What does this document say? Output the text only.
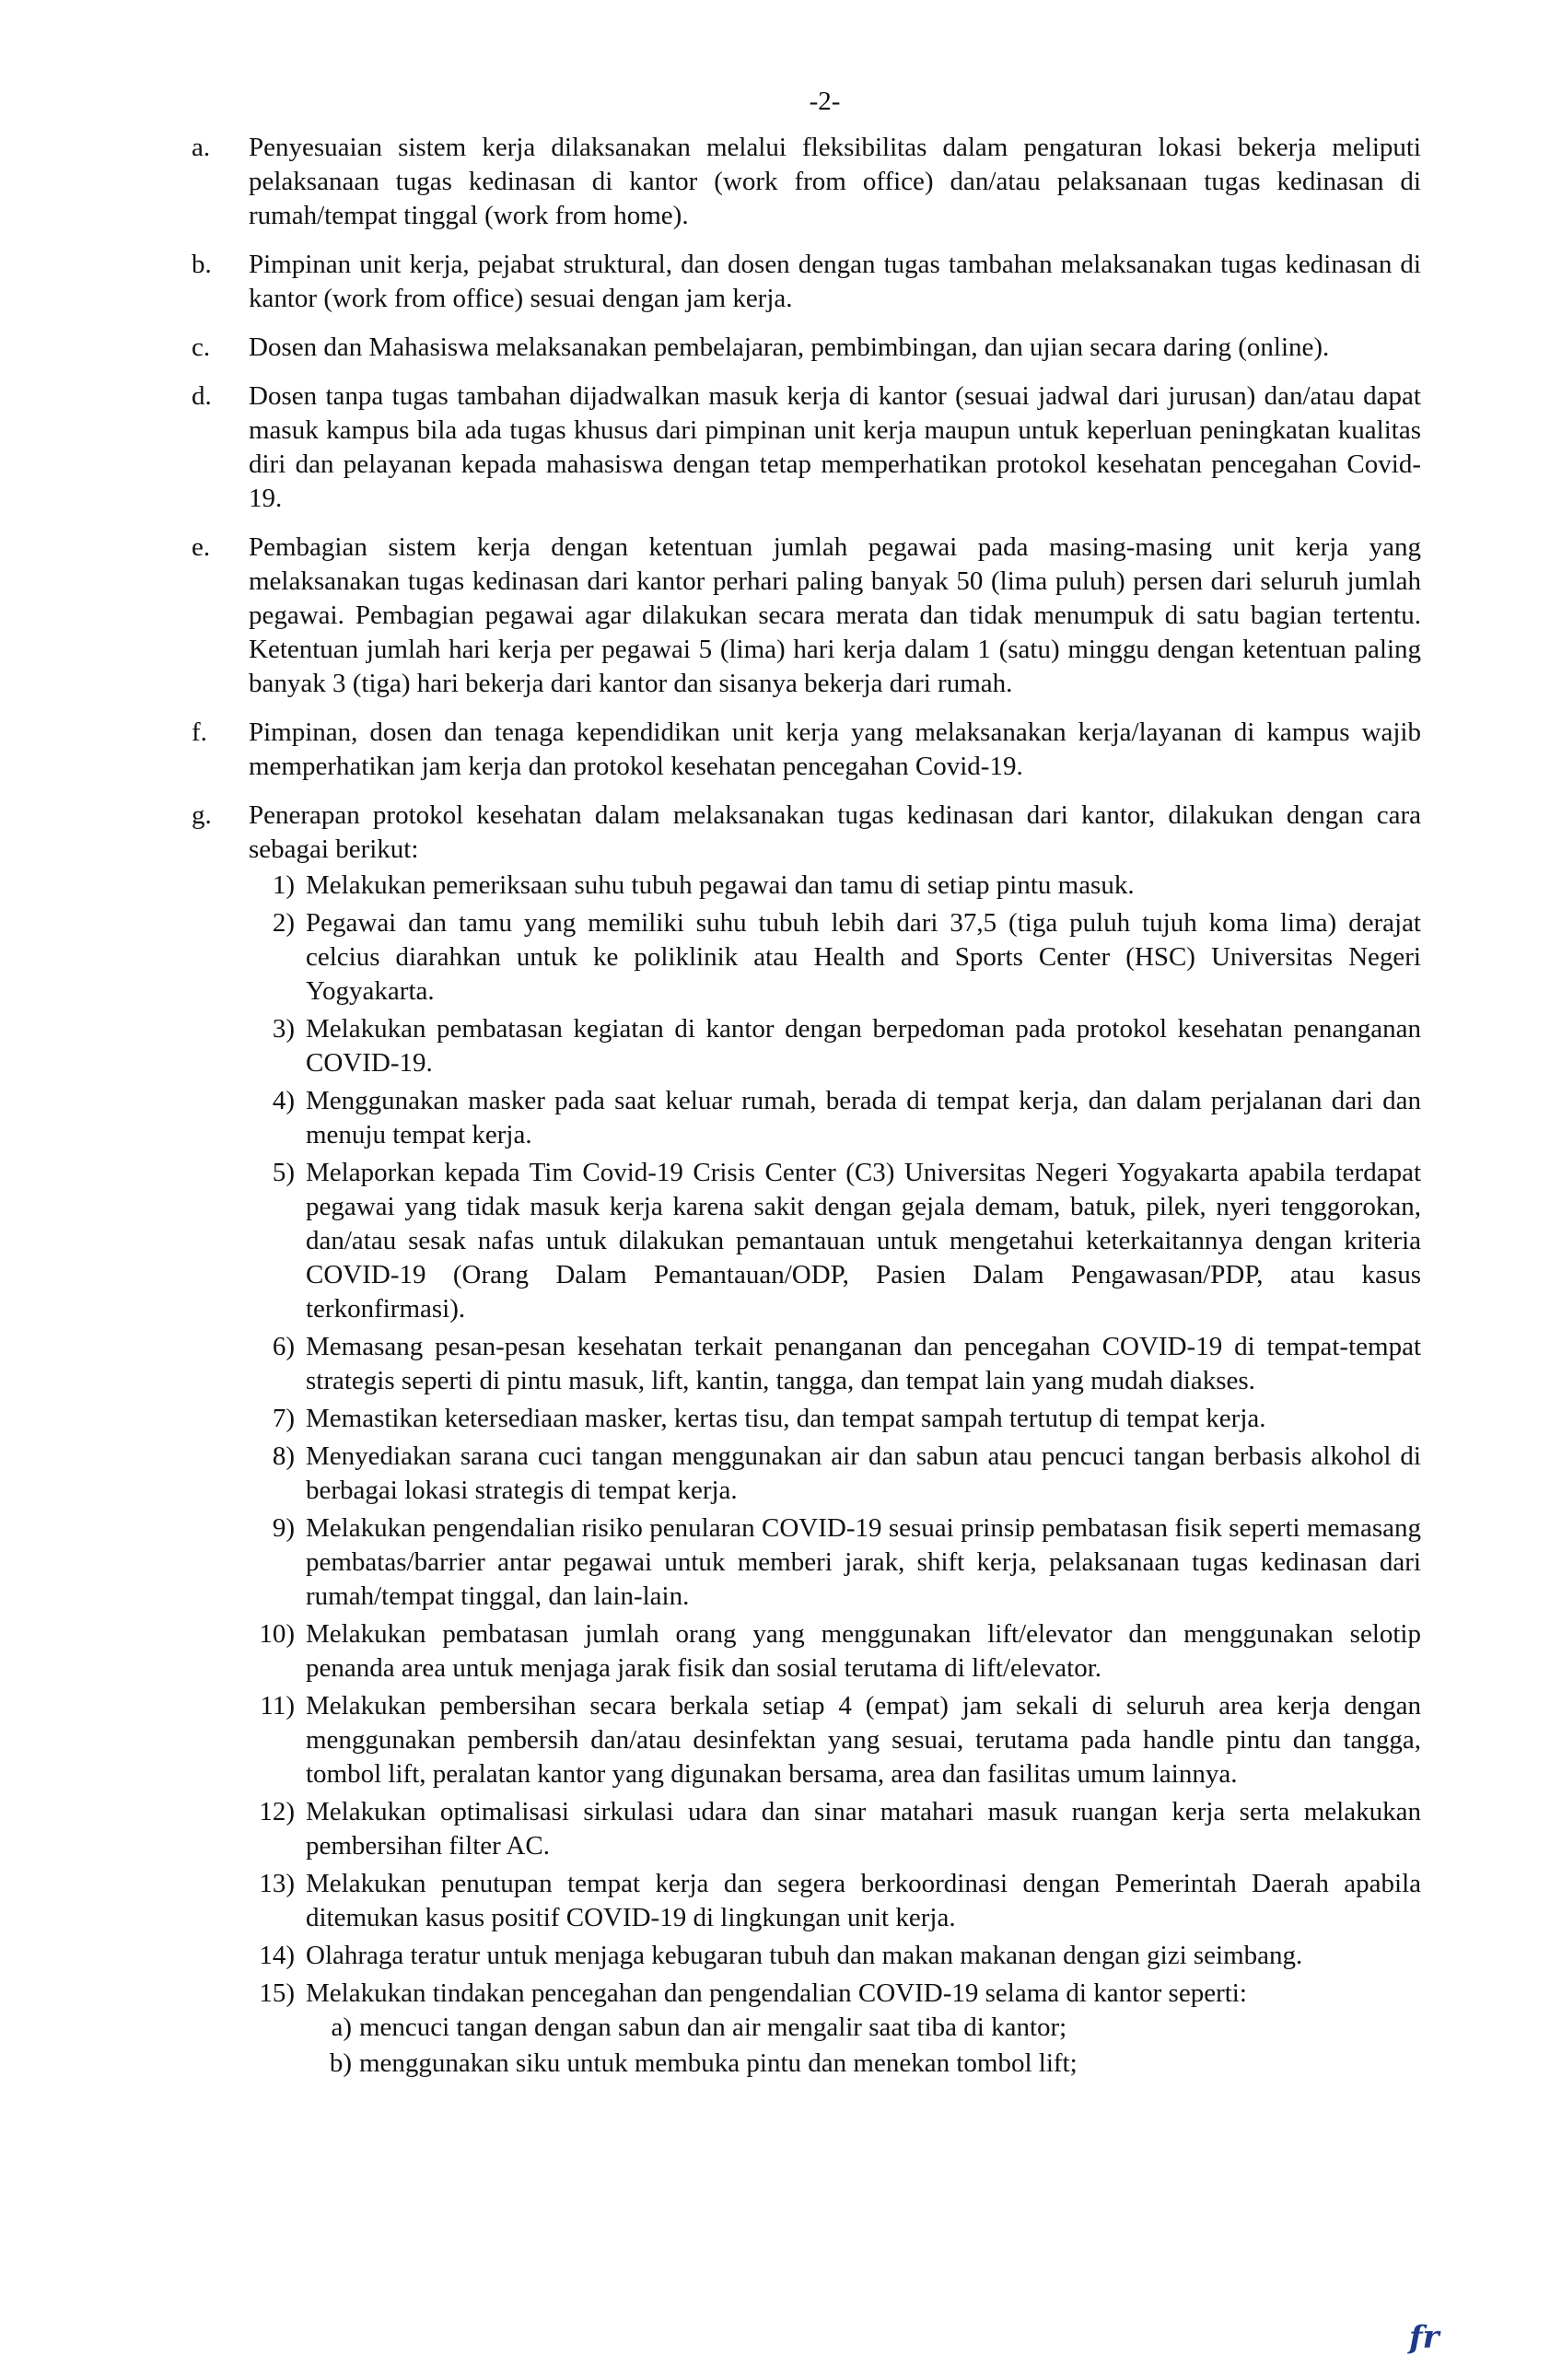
-2-
a. Penyesuaian sistem kerja dilaksanakan melalui fleksibilitas dalam pengaturan lokasi bekerja meliputi pelaksanaan tugas kedinasan di kantor (work from office) dan/atau pelaksanaan tugas kedinasan di rumah/tempat tinggal (work from home).
b. Pimpinan unit kerja, pejabat struktural, dan dosen dengan tugas tambahan melaksanakan tugas kedinasan di kantor (work from office) sesuai dengan jam kerja.
c. Dosen dan Mahasiswa melaksanakan pembelajaran, pembimbingan, dan ujian secara daring (online).
d. Dosen tanpa tugas tambahan dijadwalkan masuk kerja di kantor (sesuai jadwal dari jurusan) dan/atau dapat masuk kampus bila ada tugas khusus dari pimpinan unit kerja maupun untuk keperluan peningkatan kualitas diri dan pelayanan kepada mahasiswa dengan tetap memperhatikan protokol kesehatan pencegahan Covid-19.
e. Pembagian sistem kerja dengan ketentuan jumlah pegawai pada masing-masing unit kerja yang melaksanakan tugas kedinasan dari kantor perhari paling banyak 50 (lima puluh) persen dari seluruh jumlah pegawai. Pembagian pegawai agar dilakukan secara merata dan tidak menumpuk di satu bagian tertentu. Ketentuan jumlah hari kerja per pegawai 5 (lima) hari kerja dalam 1 (satu) minggu dengan ketentuan paling banyak 3 (tiga) hari bekerja dari kantor dan sisanya bekerja dari rumah.
f. Pimpinan, dosen dan tenaga kependidikan unit kerja yang melaksanakan kerja/layanan di kampus wajib memperhatikan jam kerja dan protokol kesehatan pencegahan Covid-19.
g. Penerapan protokol kesehatan dalam melaksanakan tugas kedinasan dari kantor, dilakukan dengan cara sebagai berikut:
1) Melakukan pemeriksaan suhu tubuh pegawai dan tamu di setiap pintu masuk.
2) Pegawai dan tamu yang memiliki suhu tubuh lebih dari 37,5 (tiga puluh tujuh koma lima) derajat celcius diarahkan untuk ke poliklinik atau Health and Sports Center (HSC) Universitas Negeri Yogyakarta.
3) Melakukan pembatasan kegiatan di kantor dengan berpedoman pada protokol kesehatan penanganan COVID-19.
4) Menggunakan masker pada saat keluar rumah, berada di tempat kerja, dan dalam perjalanan dari dan menuju tempat kerja.
5) Melaporkan kepada Tim Covid-19 Crisis Center (C3) Universitas Negeri Yogyakarta apabila terdapat pegawai yang tidak masuk kerja karena sakit dengan gejala demam, batuk, pilek, nyeri tenggorokan, dan/atau sesak nafas untuk dilakukan pemantauan untuk mengetahui keterkaitannya dengan kriteria COVID-19 (Orang Dalam Pemantauan/ODP, Pasien Dalam Pengawasan/PDP, atau kasus terkonfirmasi).
6) Memasang pesan-pesan kesehatan terkait penanganan dan pencegahan COVID-19 di tempat-tempat strategis seperti di pintu masuk, lift, kantin, tangga, dan tempat lain yang mudah diakses.
7) Memastikan ketersediaan masker, kertas tisu, dan tempat sampah tertutup di tempat kerja.
8) Menyediakan sarana cuci tangan menggunakan air dan sabun atau pencuci tangan berbasis alkohol di berbagai lokasi strategis di tempat kerja.
9) Melakukan pengendalian risiko penularan COVID-19 sesuai prinsip pembatasan fisik seperti memasang pembatas/barrier antar pegawai untuk memberi jarak, shift kerja, pelaksanaan tugas kedinasan dari rumah/tempat tinggal, dan lain-lain.
10) Melakukan pembatasan jumlah orang yang menggunakan lift/elevator dan menggunakan selotip penanda area untuk menjaga jarak fisik dan sosial terutama di lift/elevator.
11) Melakukan pembersihan secara berkala setiap 4 (empat) jam sekali di seluruh area kerja dengan menggunakan pembersih dan/atau desinfektan yang sesuai, terutama pada handle pintu dan tangga, tombol lift, peralatan kantor yang digunakan bersama, area dan fasilitas umum lainnya.
12) Melakukan optimalisasi sirkulasi udara dan sinar matahari masuk ruangan kerja serta melakukan pembersihan filter AC.
13) Melakukan penutupan tempat kerja dan segera berkoordinasi dengan Pemerintah Daerah apabila ditemukan kasus positif COVID-19 di lingkungan unit kerja.
14) Olahraga teratur untuk menjaga kebugaran tubuh dan makan makanan dengan gizi seimbang.
15) Melakukan tindakan pencegahan dan pengendalian COVID-19 selama di kantor seperti:
a) mencuci tangan dengan sabun dan air mengalir saat tiba di kantor;
b) menggunakan siku untuk membuka pintu dan menekan tombol lift;
fr
